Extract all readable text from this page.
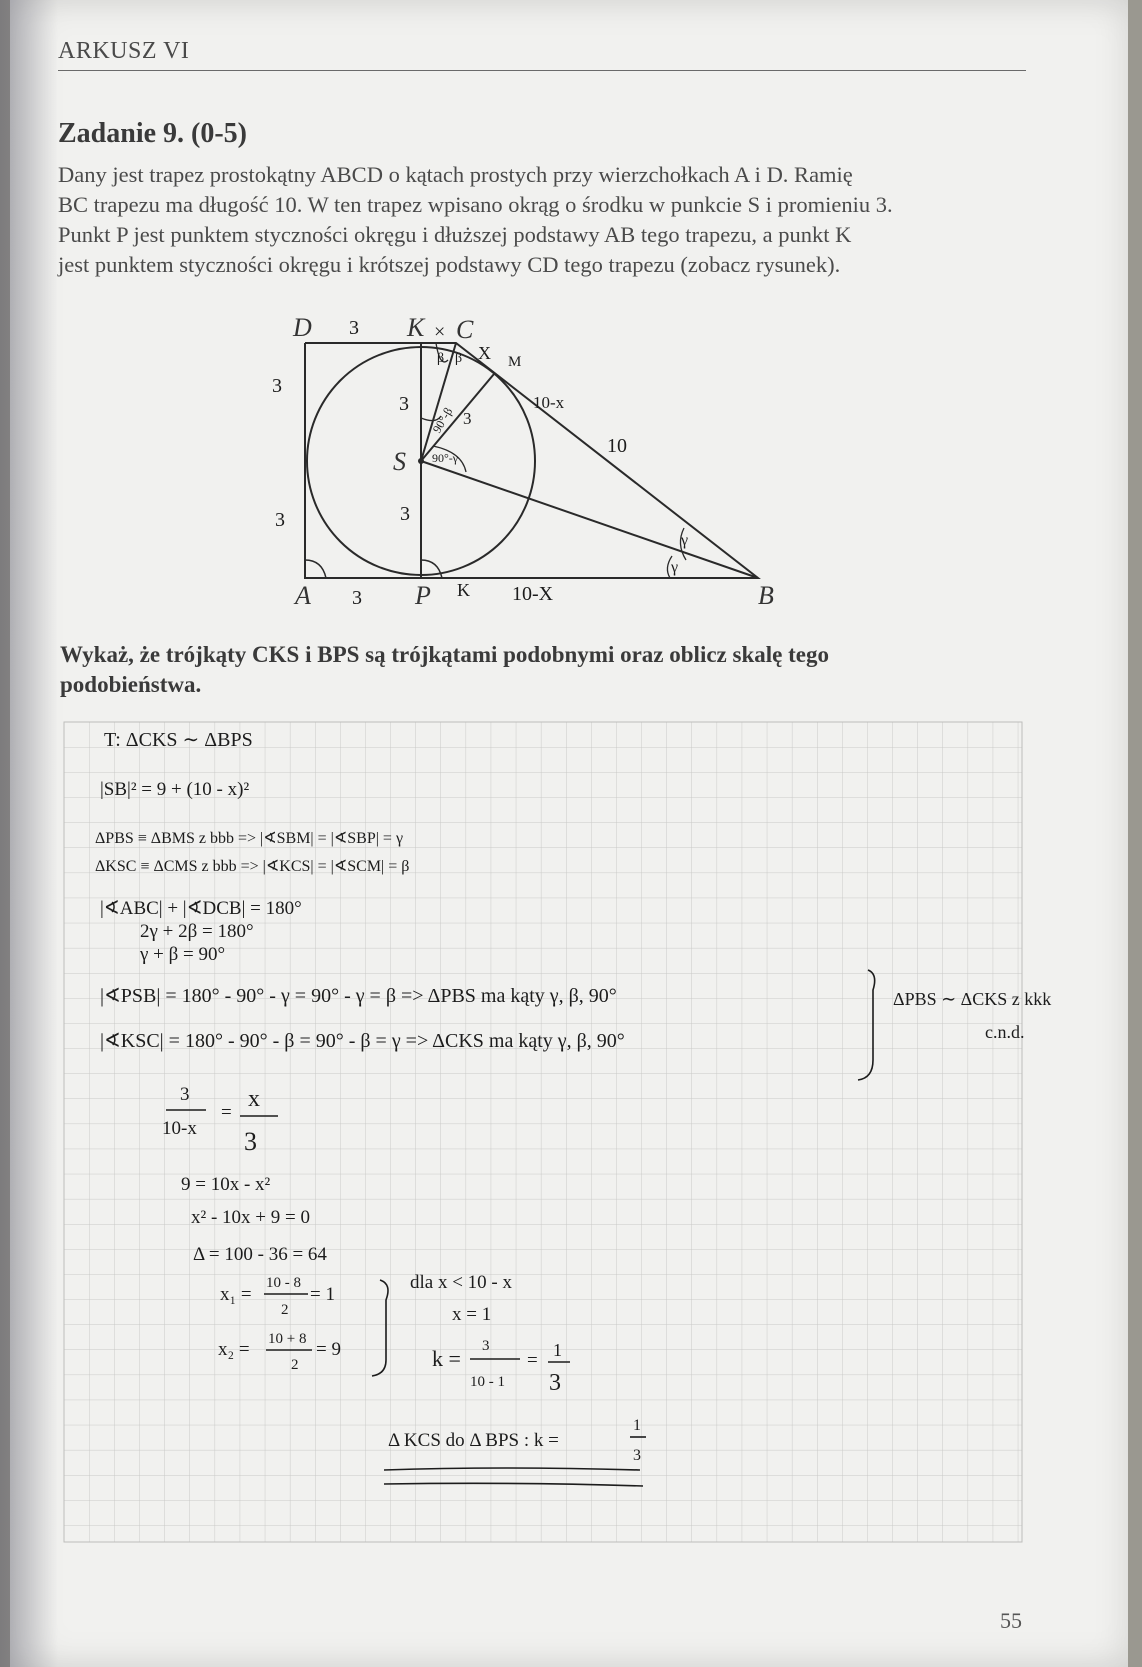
ARKUSZ VI
Zadanie 9. (0-5)

Dany jest trapez prostokątny ABCD o kątach prostych przy wierzchołkach A i D. Ramię

BC trapezu ma długość 10. W ten trapez wpisano okrąg o środku w punkcie S i promieniu 3.

Punkt P jest punktem styczności okręgu i dłuższej podstawy AB tego trapezu, a punkt K

jest punktem styczności okręgu i krótszej podstawy CD tego trapezu (zobacz rysunek).

D	K C
S
A	P	B
3	×
X M
3
3
3
3
3
10-x
10
3	K 10-X
β β
90°-β
90°-γ
γ
γ
Wykaż, że trójkąty CKS i BPS są trójkątami podobnymi oraz oblicz skalę tego
podobieństwa.
T: ΔCKS ∼ ΔBPS
|SB|² = 9 + (10 - x)²
ΔPBS ≡ ΔBMS z bbb => |∢SBM| = |∢SBP| = γ
ΔKSC ≡ ΔCMS z bbb => |∢KCS| = |∢SCM| = β
|∢ABC| + |∢DCB| = 180°
2γ + 2β = 180°
γ + β = 90°
|∢PSB| = 180° - 90° - γ = 90° - γ = β => ΔPBS ma kąty γ, β, 90°
|∢KSC| = 180° - 90° - β = 90° - β = γ => ΔCKS ma kąty γ, β, 90°
ΔPBS ∼ ΔCKS z kkk
c.n.d.
3
10-x
=
x
3
9 = 10x - x²
x² - 10x + 9 = 0
Δ = 100 - 36 = 64
x₁ =
10 - 8
2
= 1
x₂ = 10 + 8
2
= 9
dla x < 10 - x
x = 1
k = 3
10 - 1
= 1
3
Δ KCS do Δ BPS : k =
1
3
55
